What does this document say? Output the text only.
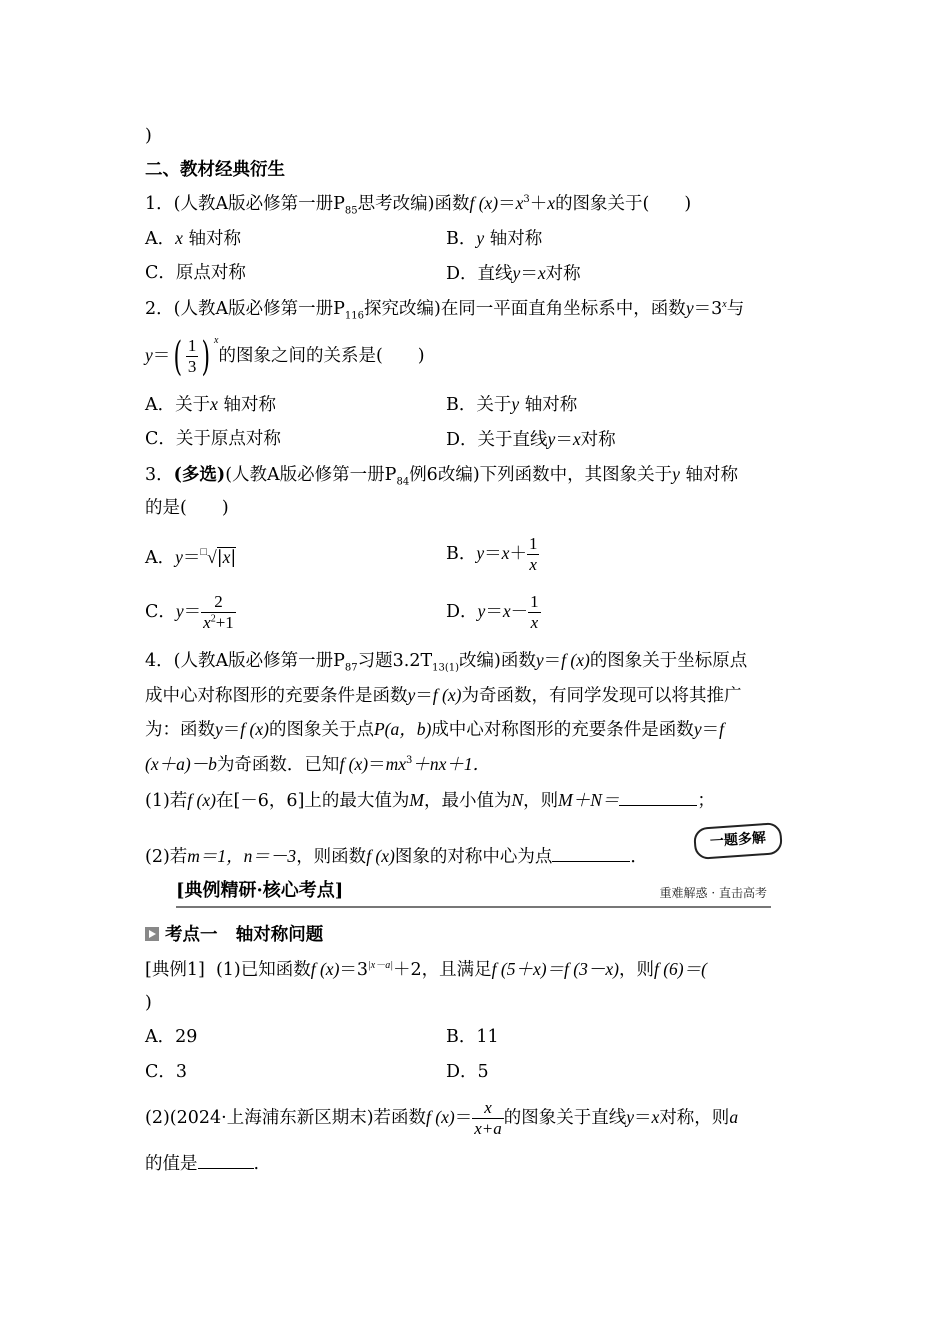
)
二、教材经典衍生
1．(人教A版必修第一册$P_{85}$思考改编)函数f $(x)=x^3+x$的图象关于(　　)
A．x 轴对称	B．y 轴对称
C．原点对称	D．直线y＝x对称
2．(人教A版必修第一册$P_{116}$探究改编)在同一平面直角坐标系中，函数$y=3^x$与
$y=( \frac{1}{3}$ ) $^x$的图象之间的关系是(　　)
A．关于x 轴对称	B．关于y 轴对称
C．关于原点对称	D．关于直线y＝x对称
3．(多选)(人教A版必修第一册$P_{84}$例6改编)下列函数中，其图象关于y 轴对称
的是(　　)
A．y＝□√|x|	B．$y=x+ \frac{1}{x}$
C．$y= \frac{2}{x^2+1}$	D．$y=x- \frac{1}{x}$
4．(人教A版必修第一册$P_{87}$习题$3.2T_{13(1)}$改编)函数y＝f (x)的图象关于坐标原点
成中心对称图形的充要条件是函数y＝f (x)为奇函数，有同学发现可以将其推广
为：函数y＝f (x)的图象关于点P(a，b)成中心对称图形的充要条件是函数y＝f
(x＋a)－b为奇函数．已知f $(x)=mx^3+nx+1$．
(1)若f (x)在[－6，6]上的最大值为M，最小值为N，则M＋N＝	；
(2)若m＝1，n＝－3，则函数f (x)图象的对称中心为点	．
一题多解
[典例精研·核心考点]	重难解惑 · 直击高考
考点一 轴对称问题
[典例1] (1)已知函数f $(x)=3^{|x-a|}+2$，且满足f (5＋x)＝f (3－x)，则f (6)＝(
)
A．29	B．11
C．3	D．5
(2)(2024·上海浦东新区期末)若函数f $(x)= \frac{x}{x+a}$ 的图象关于直线y＝x对称，则a
的值是	.
